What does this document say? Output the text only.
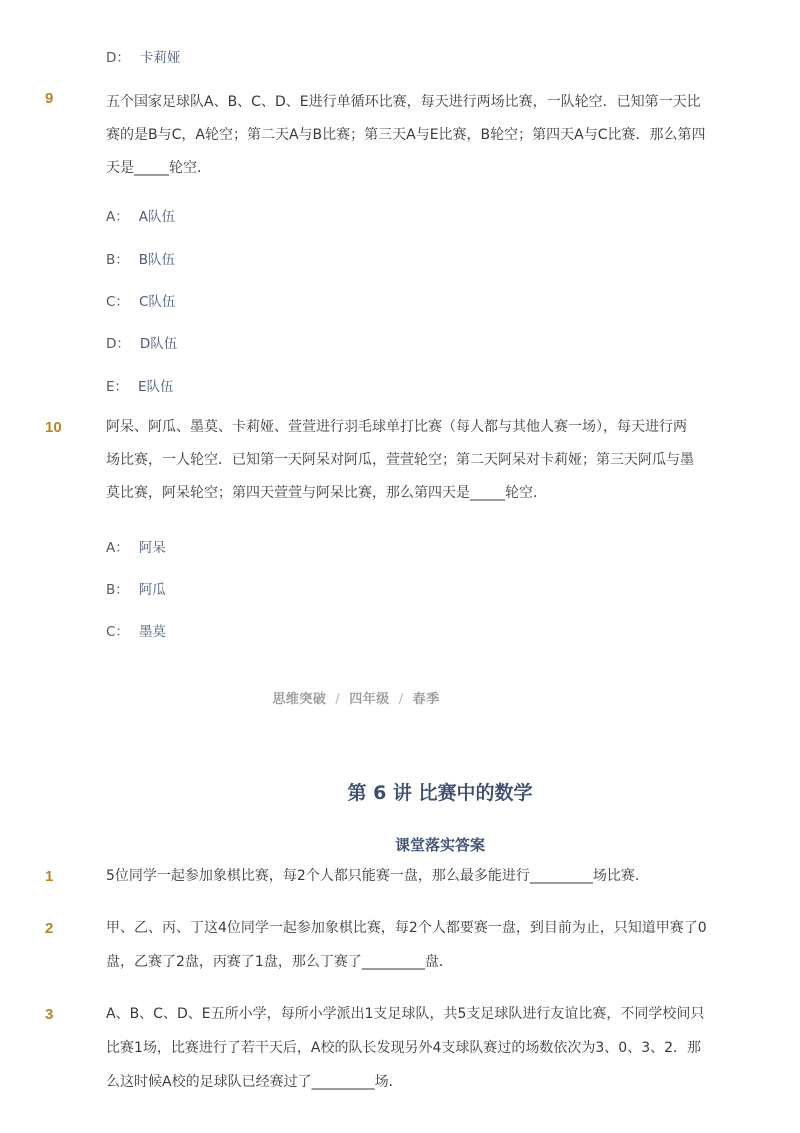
D： 卡莉娅
9	五个国家足球队A、B、C、D、E进行单循环比赛，每天进行两场比赛，一队轮空．已知第一天比
赛的是B与C，A轮空；第二天A与B比赛；第三天A与E比赛，B轮空；第四天A与C比赛．那么第四
天是_____轮空．
A： A队伍
B： B队伍
C： C队伍
D： D队伍
E： E队伍
10	阿呆、阿瓜、墨莫、卡莉娅、萱萱进行羽毛球单打比赛（每人都与其他人赛一场），每天进行两
场比赛，一人轮空．已知第一天阿呆对阿瓜，萱萱轮空；第二天阿呆对卡莉娅；第三天阿瓜与墨
莫比赛，阿呆轮空；第四天萱萱与阿呆比赛，那么第四天是_____轮空．
A： 阿呆
B： 阿瓜
C： 墨莫
思维突破 / 四年级 / 春季
第 6 讲 比赛中的数学
课堂落实答案
1	5位同学一起参加象棋比赛，每2个人都只能赛一盘，那么最多能进行_________场比赛.
2	甲、乙、丙、丁这4位同学一起参加象棋比赛，每2个人都要赛一盘，到目前为止，只知道甲赛了0
盘，乙赛了2盘，丙赛了1盘，那么丁赛了_________盘．
3	A、B、C、D、E五所小学，每所小学派出1支足球队，共5支足球队进行友谊比赛，不同学校间只
比赛1场，比赛进行了若干天后，A校的队长发现另外4支球队赛过的场数依次为3、0、3、2．那
么这时候A校的足球队已经赛过了_________场．
